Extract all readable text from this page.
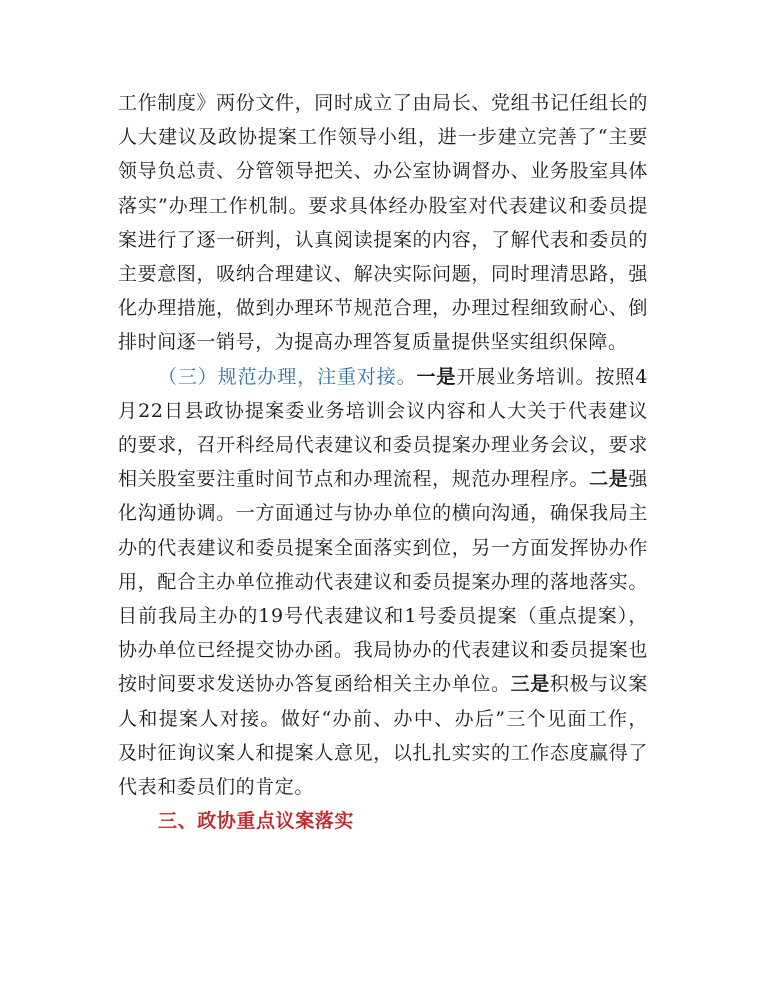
工作制度》两份文件，同时成立了由局长、党组书记任组长的人大建议及政协提案工作领导小组，进一步建立完善了“主要领导负总责、分管领导把关、办公室协调督办、业务股室具体落实”办理工作机制。要求具体经办股室对代表建议和委员提案进行了逐一研判，认真阅读提案的内容，了解代表和委员的主要意图，吸纳合理建议、解决实际问题，同时理清思路，强化办理措施，做到办理环节规范合理，办理过程细致耐心、倒排时间逐一销号，为提高办理答复质量提供坚实组织保障。

（三）规范办理，注重对接。一是开展业务培训。按照4月22日县政协提案委业务培训会议内容和人大关于代表建议的要求，召开科经局代表建议和委员提案办理业务会议，要求相关股室要注重时间节点和办理流程，规范办理程序。二是强化沟通协调。一方面通过与协办单位的横向沟通，确保我局主办的代表建议和委员提案全面落实到位，另一方面发挥协办作用，配合主办单位推动代表建议和委员提案办理的落地落实。目前我局主办的19号代表建议和1号委员提案（重点提案），协办单位已经提交协办函。我局协办的代表建议和委员提案也按时间要求发送协办答复函给相关主办单位。三是积极与议案人和提案人对接。做好“办前、办中、办后”三个见面工作，及时征询议案人和提案人意见，以扎扎实实的工作态度赢得了代表和委员们的肯定。

三、政协重点议案落实
